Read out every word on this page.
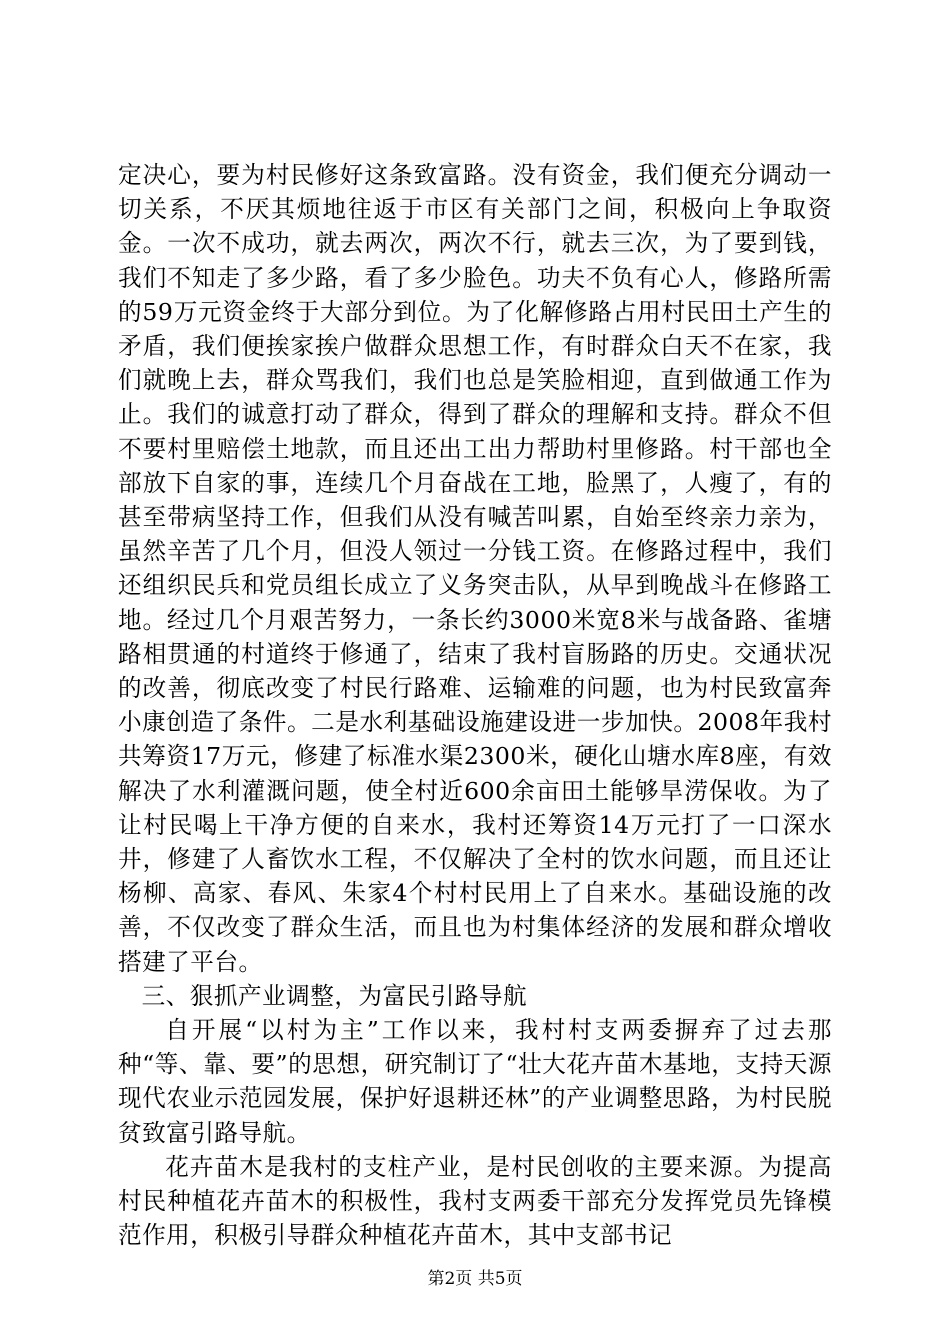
定决心，要为村民修好这条致富路。没有资金，我们便充分调动一切关系，不厌其烦地往返于市区有关部门之间，积极向上争取资金。一次不成功，就去两次，两次不行，就去三次，为了要到钱，我们不知走了多少路，看了多少脸色。功夫不负有心人，修路所需的59万元资金终于大部分到位。为了化解修路占用村民田土产生的矛盾，我们便挨家挨户做群众思想工作，有时群众白天不在家，我们就晚上去，群众骂我们，我们也总是笑脸相迎，直到做通工作为止。我们的诚意打动了群众，得到了群众的理解和支持。群众不但不要村里赔偿土地款，而且还出工出力帮助村里修路。村干部也全部放下自家的事，连续几个月奋战在工地，脸黑了，人瘦了，有的甚至带病坚持工作，但我们从没有喊苦叫累，自始至终亲力亲为，虽然辛苦了几个月，但没人领过一分钱工资。在修路过程中，我们还组织民兵和党员组长成立了义务突击队，从早到晚战斗在修路工地。经过几个月艰苦努力，一条长约3000米宽8米与战备路、雀塘路相贯通的村道终于修通了，结束了我村盲肠路的历史。交通状况的改善，彻底改变了村民行路难、运输难的问题，也为村民致富奔小康创造了条件。二是水利基础设施建设进一步加快。2008年我村共筹资17万元，修建了标准水渠2300米，硬化山塘水库8座，有效解决了水利灌溉问题，使全村近600余亩田土能够旱涝保收。为了让村民喝上干净方便的自来水，我村还筹资14万元打了一口深水井，修建了人畜饮水工程，不仅解决了全村的饮水问题，而且还让杨柳、高家、春风、朱家4个村村民用上了自来水。基础设施的改善，不仅改变了群众生活，而且也为村集体经济的发展和群众增收搭建了平台。

三、狠抓产业调整，为富民引路导航

自开展“以村为主”工作以来，我村村支两委摒弃了过去那种“等、靠、要”的思想，研究制订了“壮大花卉苗木基地，支持天源现代农业示范园发展，保护好退耕还林”的产业调整思路，为村民脱贫致富引路导航。

花卉苗木是我村的支柱产业，是村民创收的主要来源。为提高村民种植花卉苗木的积极性，我村支两委干部充分发挥党员先锋模范作用，积极引导群众种植花卉苗木，其中支部书记

第2页 共5页
